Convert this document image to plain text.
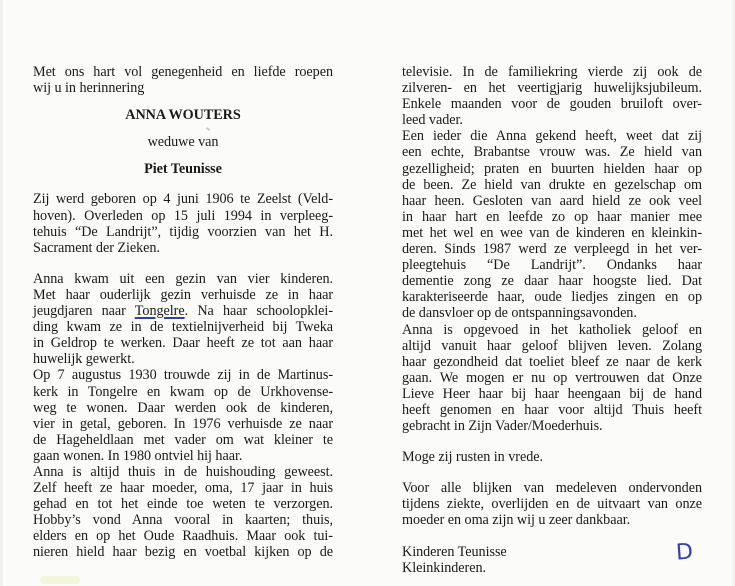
Met ons hart vol genegenheid en liefde roepen
wij u in herinnering
ANNA WOUTERS
weduwe van
Piet Teunisse
Zij werd geboren op 4 juni 1906 te Zeelst (Veld-
hoven). Overleden op 15 juli 1994 in verpleeg-
tehuis “De Landrijt”, tijdig voorzien van het H.
Sacrament der Zieken.
Anna kwam uit een gezin van vier kinderen.
Met haar ouderlijk gezin verhuisde ze in haar
jeugdjaren naar Tongelre. Na haar schoolopklei-
ding kwam ze in de textielnijverheid bij Tweka
in Geldrop te werken. Daar heeft ze tot aan haar
huwelijk gewerkt.
Op 7 augustus 1930 trouwde zij in de Martinus-
kerk in Tongelre en kwam op de Urkhovense-
weg te wonen. Daar werden ook de kinderen,
vier in getal, geboren. In 1976 verhuisde ze naar
de Hageheldlaan met vader om wat kleiner te
gaan wonen. In 1980 ontviel hij haar.
Anna is altijd thuis in de huishouding geweest.
Zelf heeft ze haar moeder, oma, 17 jaar in huis
gehad en tot het einde toe weten te verzorgen.
Hobby’s vond Anna vooral in kaarten; thuis,
elders en op het Oude Raadhuis. Maar ook tui-
nieren hield haar bezig en voetbal kijken op de
televisie. In de familiekring vierde zij ook de
zilveren- en het veertigjarig huwelijksjubileum.
Enkele maanden voor de gouden bruiloft over-
leed vader.
Een ieder die Anna gekend heeft, weet dat zij
een echte, Brabantse vrouw was. Ze hield van
gezelligheid; praten en buurten hielden haar op
de been. Ze hield van drukte en gezelschap om
haar heen. Gesloten van aard hield ze ook veel
in haar hart en leefde zo op haar manier mee
met het wel en wee van de kinderen en kleinkin-
deren. Sinds 1987 werd ze verpleegd in het ver-
pleegtehuis “De Landrijt”. Ondanks haar
dementie zong ze daar haar hoogste lied. Dat
karakteriseerde haar, oude liedjes zingen en op
de dansvloer op de ontspanningsavonden.
Anna is opgevoed in het katholiek geloof en
altijd vanuit haar geloof blijven leven. Zolang
haar gezondheid dat toeliet bleef ze naar de kerk
gaan. We mogen er nu op vertrouwen dat Onze
Lieve Heer haar bij haar heengaan bij de hand
heeft genomen en haar voor altijd Thuis heeft
gebracht in Zijn Vader/Moederhuis.
Moge zij rusten in vrede.
Voor alle blijken van medeleven ondervonden
tijdens ziekte, overlijden en de uitvaart van onze
moeder en oma zijn wij u zeer dankbaar.
Kinderen Teunisse
Kleinkinderen.
D
